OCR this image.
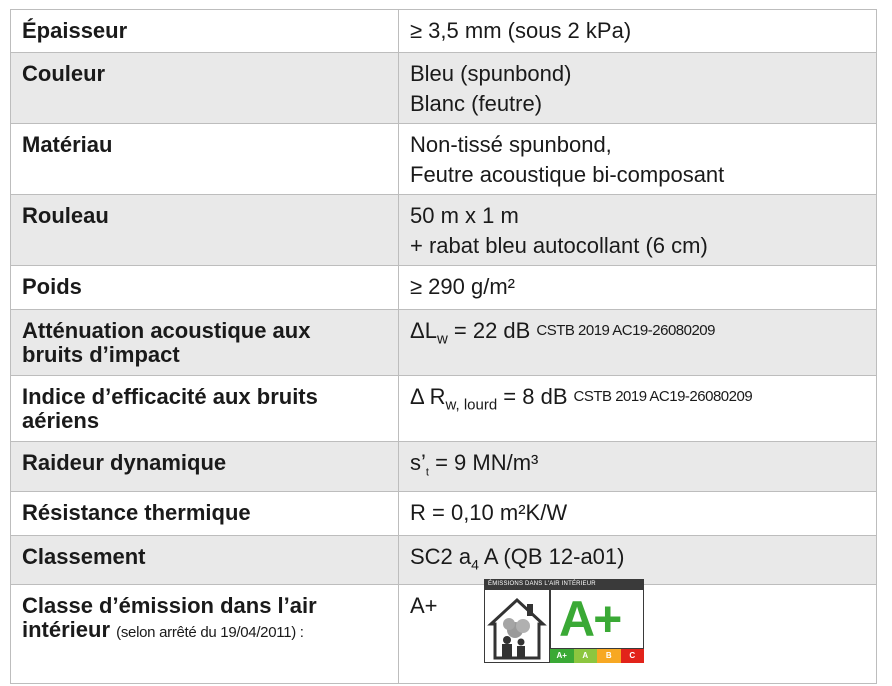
Épaisseur	≥ 3,5 mm (sous 2 kPa)

Couleur	Bleu (spunbond)
Blanc (feutre)

Matériau	Non-tissé spunbond,
Feutre acoustique bi-composant

Rouleau	50 m x 1 m
+ rabat bleu autocollant (6 cm)

Poids	≥ 290 g/m²

Atténuation acoustique aux
bruits d’impact	$\Delta L_w = 22$ dB CSTB 2019 AC19-26080209

Indice d’efficacité aux bruits
aériens	Δ $R_{w, lourd} = 8$ dB CSTB 2019 AC19-26080209

Raideur dynamique	$s’_t = 9$ MN/m³

Résistance thermique	R = 0,10 m²K/W

Classement	SC2 $a_4$ A (QB 12-a01)

Classe d’émission dans l’air
intérieur (selon arrêté du 19/04/2011) :	A+
ÉMISSIONS DANS L'AIR INTÉRIEUR
A+
A+	A	B	C
